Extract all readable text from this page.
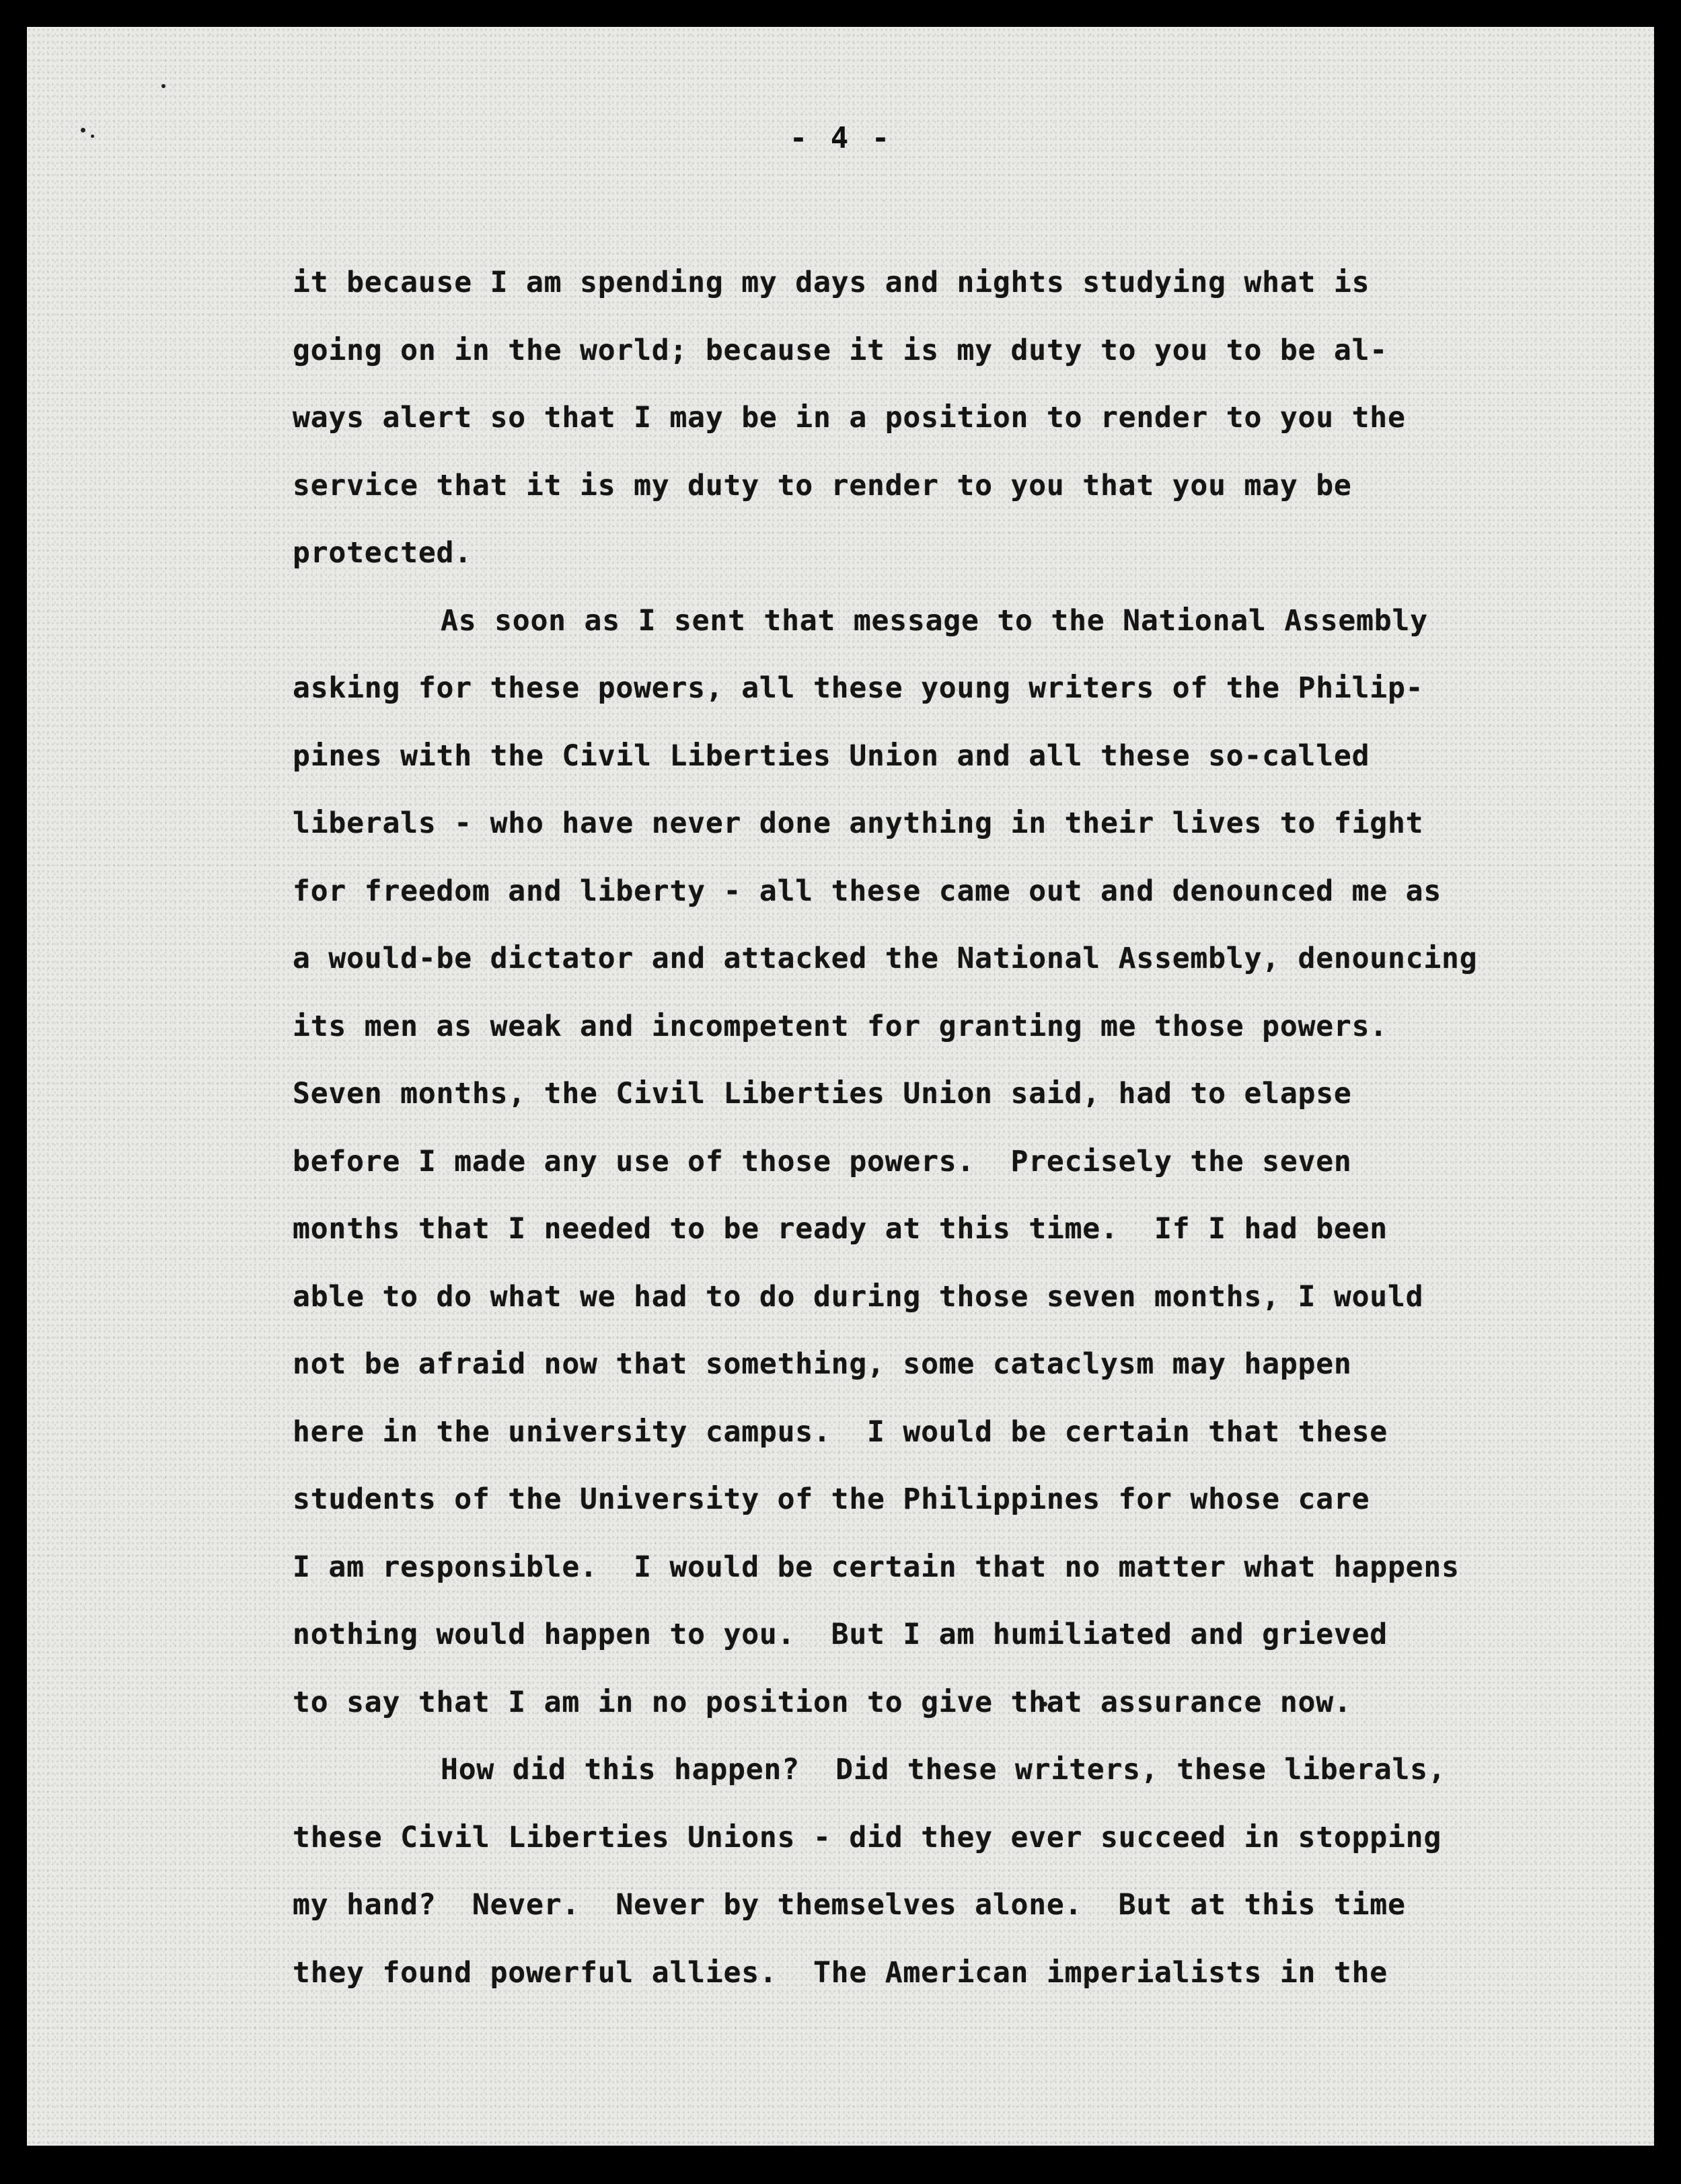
- 4 -
it because I am spending my days and nights studying what is
going on in the world; because it is my duty to you to be al-
ways alert so that I may be in a position to render to you the
service that it is my duty to render to you that you may be
protected.
As soon as I sent that message to the National Assembly
asking for these powers, all these young writers of the Philip-
pines with the Civil Liberties Union and all these so-called
liberals - who have never done anything in their lives to fight
for freedom and liberty - all these came out and denounced me as
a would-be dictator and attacked the National Assembly, denouncing
its men as weak and incompetent for granting me those powers.
Seven months, the Civil Liberties Union said, had to elapse
before I made any use of those powers.  Precisely the seven
months that I needed to be ready at this time.  If I had been
able to do what we had to do during those seven months, I would
not be afraid now that something, some cataclysm may happen
here in the university campus.  I would be certain that these
students of the University of the Philippines for whose care
I am responsible.  I would be certain that no matter what happens
nothing would happen to you.  But I am humiliated and grieved
to say that I am in no position to give that assurance now.
How did this happen?  Did these writers, these liberals,
these Civil Liberties Unions - did they ever succeed in stopping
my hand?  Never.  Never by themselves alone.  But at this time
they found powerful allies.  The American imperialists in the
